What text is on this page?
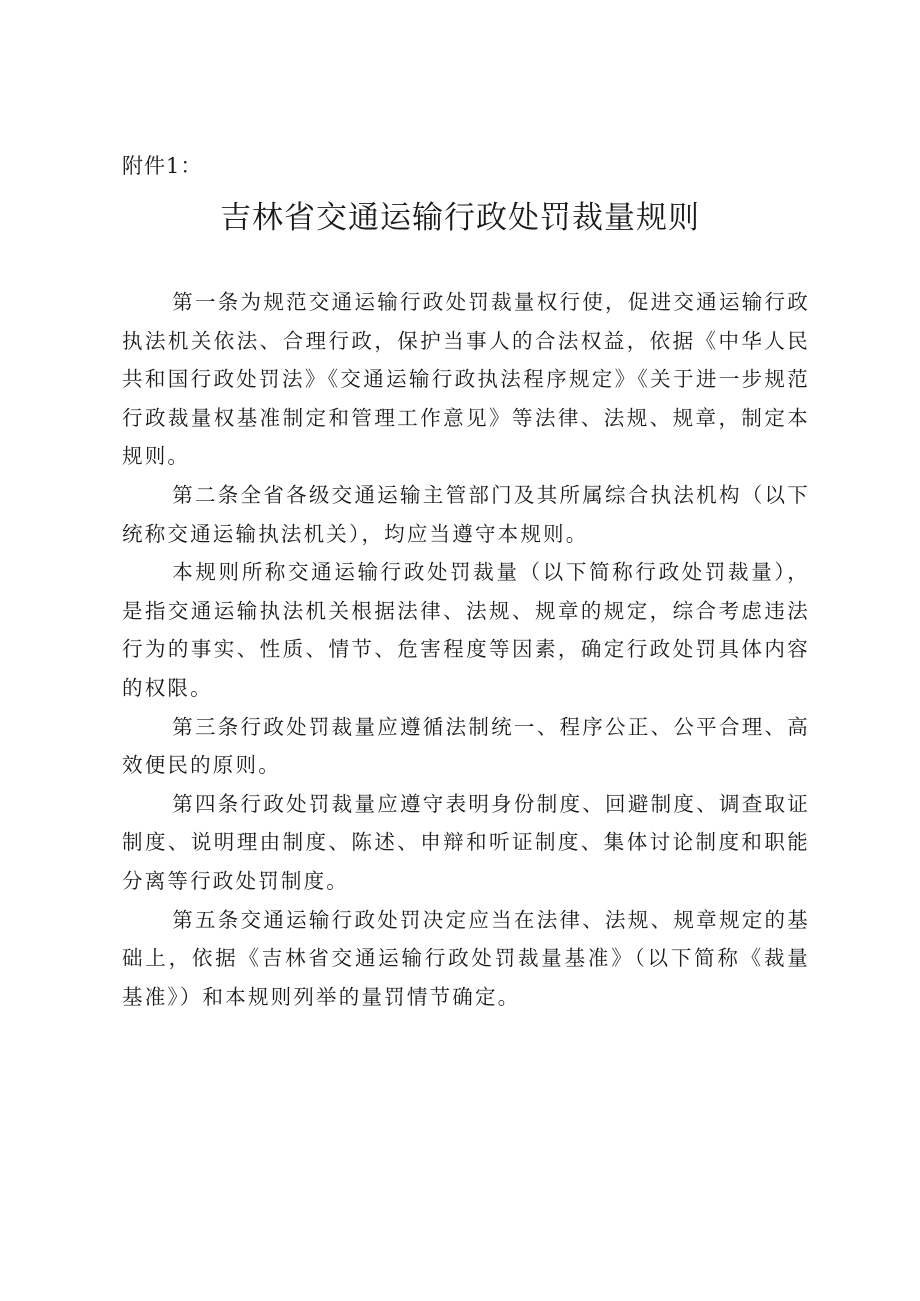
附件1：
吉林省交通运输行政处罚裁量规则

第一条为规范交通运输行政处罚裁量权行使，促进交通运输行政执法机关依法、合理行政，保护当事人的合法权益，依据《中华人民共和国行政处罚法》《交通运输行政执法程序规定》《关于进一步规范行政裁量权基准制定和管理工作意见》等法律、法规、规章，制定本规则。

第二条全省各级交通运输主管部门及其所属综合执法机构（以下统称交通运输执法机关），均应当遵守本规则。

本规则所称交通运输行政处罚裁量（以下简称行政处罚裁量），是指交通运输执法机关根据法律、法规、规章的规定，综合考虑违法行为的事实、性质、情节、危害程度等因素，确定行政处罚具体内容的权限。

第三条行政处罚裁量应遵循法制统一、程序公正、公平合理、高效便民的原则。

第四条行政处罚裁量应遵守表明身份制度、回避制度、调查取证制度、说明理由制度、陈述、申辩和听证制度、集体讨论制度和职能分离等行政处罚制度。

第五条交通运输行政处罚决定应当在法律、法规、规章规定的基础上，依据《吉林省交通运输行政处罚裁量基准》（以下简称《裁量基准》）和本规则列举的量罚情节确定。
